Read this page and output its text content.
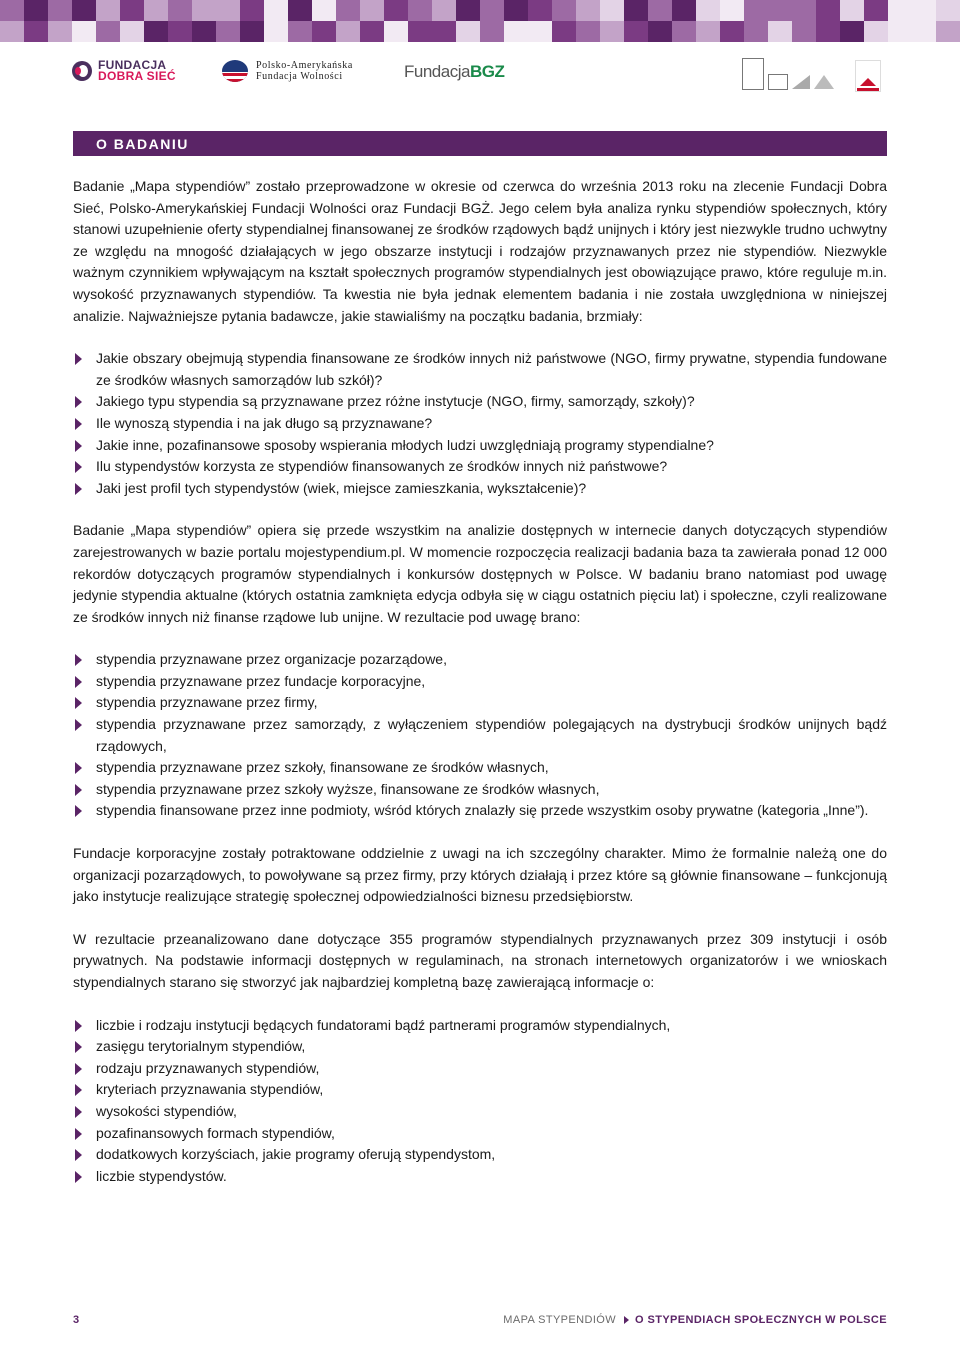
FUNDACJA
DOBRA SIEĆ
Polsko-Amerykańska
Fundacja Wolności	Fundacja BGZ
O BADANIU

Badanie „Mapa stypendiów” zostało przeprowadzone w okresie od czerwca do września 2013 roku na zlecenie Fundacji Dobra Sieć, Polsko-Amerykańskiej Fundacji Wolności oraz Fundacji BGŻ. Jego celem była analiza rynku stypendiów społecznych, który stanowi uzupełnienie oferty stypendialnej finansowanej ze środków rządowych bądź unijnych i który jest niezwykle trudno uchwytny ze względu na mnogość działających w jego obszarze instytucji i rodzajów przyznawanych przez nie stypendiów. Niezwykle ważnym czynnikiem wpływającym na kształt społecznych programów stypendialnych jest obowiązujące prawo, które reguluje m.in. wysokość przyznawanych stypendiów. Ta kwestia nie była jednak elementem badania i nie została uwzględniona w niniejszej analizie. Najważniejsze pytania badawcze, jakie stawialiśmy na początku badania, brzmiały:

Jakie obszary obejmują stypendia finansowane ze środków innych niż państwowe (NGO, firmy prywatne, stypendia fundowane ze środków własnych samorządów lub szkół)?
Jakiego typu stypendia są przyznawane przez różne instytucje (NGO, firmy, samorządy, szkoły)?
Ile wynoszą stypendia i na jak długo są przyznawane?
Jakie inne, pozafinansowe sposoby wspierania młodych ludzi uwzględniają programy stypendialne?
Ilu stypendystów korzysta ze stypendiów finansowanych ze środków innych niż państwowe?
Jaki jest profil tych stypendystów (wiek, miejsce zamieszkania, wykształcenie)?

Badanie „Mapa stypendiów” opiera się przede wszystkim na analizie dostępnych w internecie danych dotyczących stypendiów zarejestrowanych w bazie portalu mojestypendium.pl. W momencie rozpoczęcia realizacji badania baza ta zawierała ponad 12 000 rekordów dotyczących programów stypendialnych i konkursów dostępnych w Polsce. W badaniu brano natomiast pod uwagę jedynie stypendia aktualne (których ostatnia zamknięta edycja odbyła się w ciągu ostatnich pięciu lat) i społeczne, czyli realizowane ze środków innych niż finanse rządowe lub unijne. W rezultacie pod uwagę brano:

stypendia przyznawane przez organizacje pozarządowe,
stypendia przyznawane przez fundacje korporacyjne,
stypendia przyznawane przez firmy,
stypendia przyznawane przez samorządy, z wyłączeniem stypendiów polegających na dystrybucji środków unijnych bądź rządowych,
stypendia przyznawane przez szkoły, finansowane ze środków własnych,
stypendia przyznawane przez szkoły wyższe, finansowane ze środków własnych,
stypendia finansowane przez inne podmioty, wśród których znalazły się przede wszystkim osoby prywatne (kategoria „Inne”).

Fundacje korporacyjne zostały potraktowane oddzielnie z uwagi na ich szczególny charakter. Mimo że formalnie należą one do organizacji pozarządowych, to powoływane są przez firmy, przy których działają i przez które są głównie finansowane – funkcjonują jako instytucje realizujące strategię społecznej odpowiedzialności biznesu przedsiębiorstw.

W rezultacie przeanalizowano dane dotyczące 355 programów stypendialnych przyznawanych przez 309 instytucji i osób prywatnych. Na podstawie informacji dostępnych w regulaminach, na stronach internetowych organizatorów i we wnioskach stypendialnych starano się stworzyć jak najbardziej kompletną bazę zawierającą informacje o:

liczbie i rodzaju instytucji będących fundatorami bądź partnerami programów stypendialnych,
zasięgu terytorialnym stypendiów,
rodzaju przyznawanych stypendiów,
kryteriach przyznawania stypendiów,
wysokości stypendiów,
pozafinansowych formach stypendiów,
dodatkowych korzyściach, jakie programy oferują stypendystom,
liczbie stypendystów.
3	MAPA STYPENDIÓW O STYPENDIACH SPOŁECZNYCH W POLSCE
